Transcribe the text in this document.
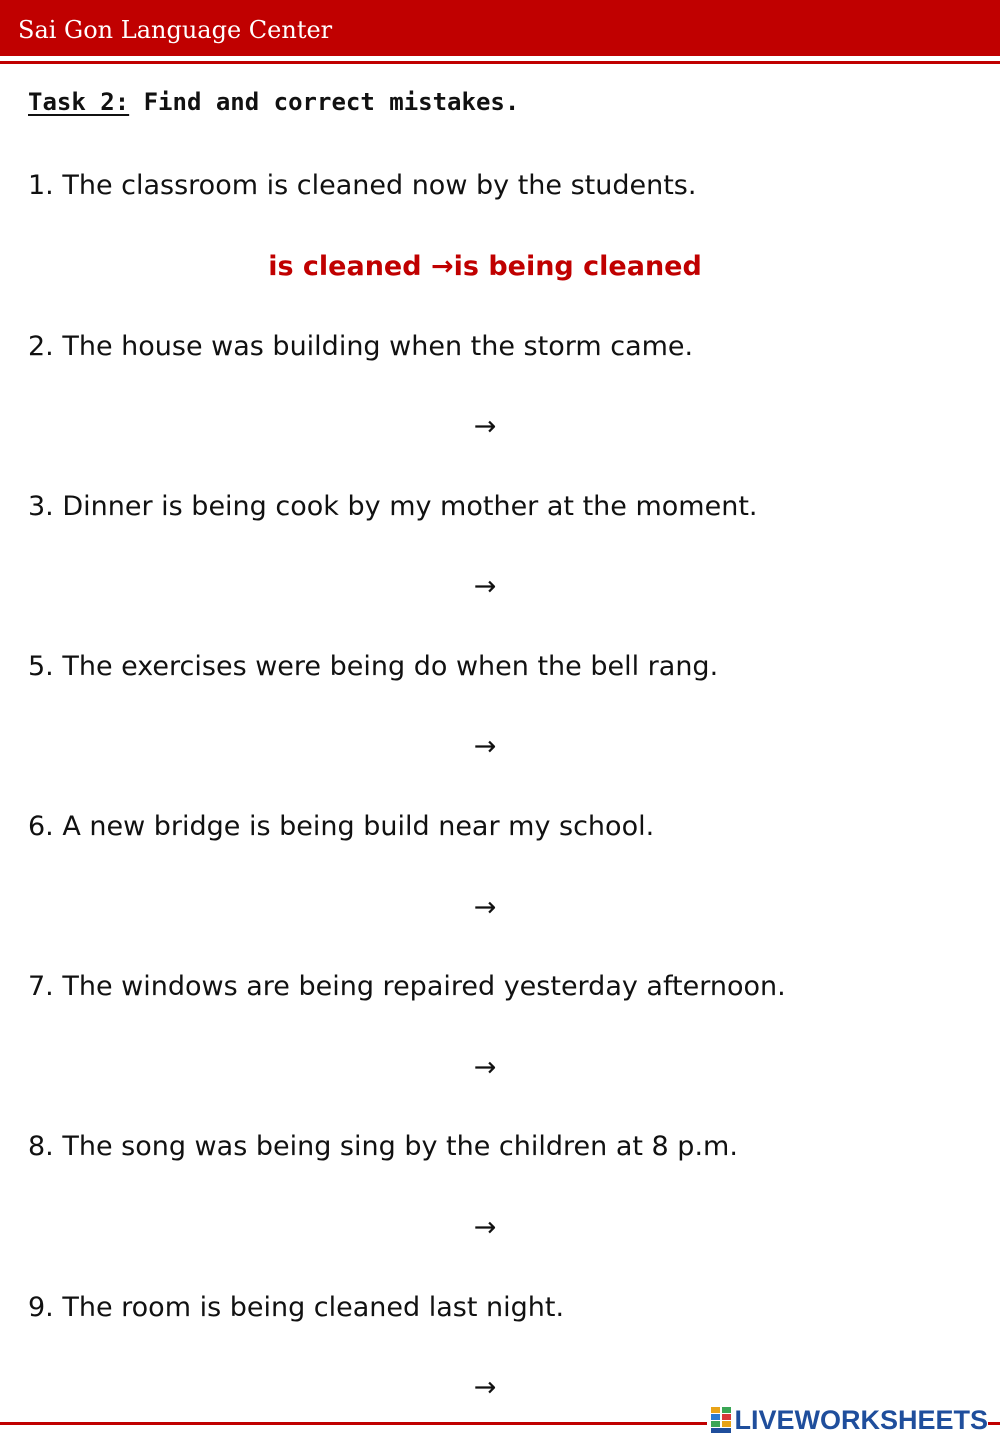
Sai Gon Language Center
Task 2: Find and correct mistakes.
1. The classroom is cleaned now by the students.
is cleaned →is being cleaned
2. The house was building when the storm came.
→
3. Dinner is being cook by my mother at the moment.
→
5. The exercises were being do when the bell rang.
→
6. A new bridge is being build near my school.
→
7. The windows are being repaired yesterday afternoon.
→
8. The song was being sing by the children at 8 p.m.
→
9. The room is being cleaned last night.
→
LIVEWORKSHEETS
